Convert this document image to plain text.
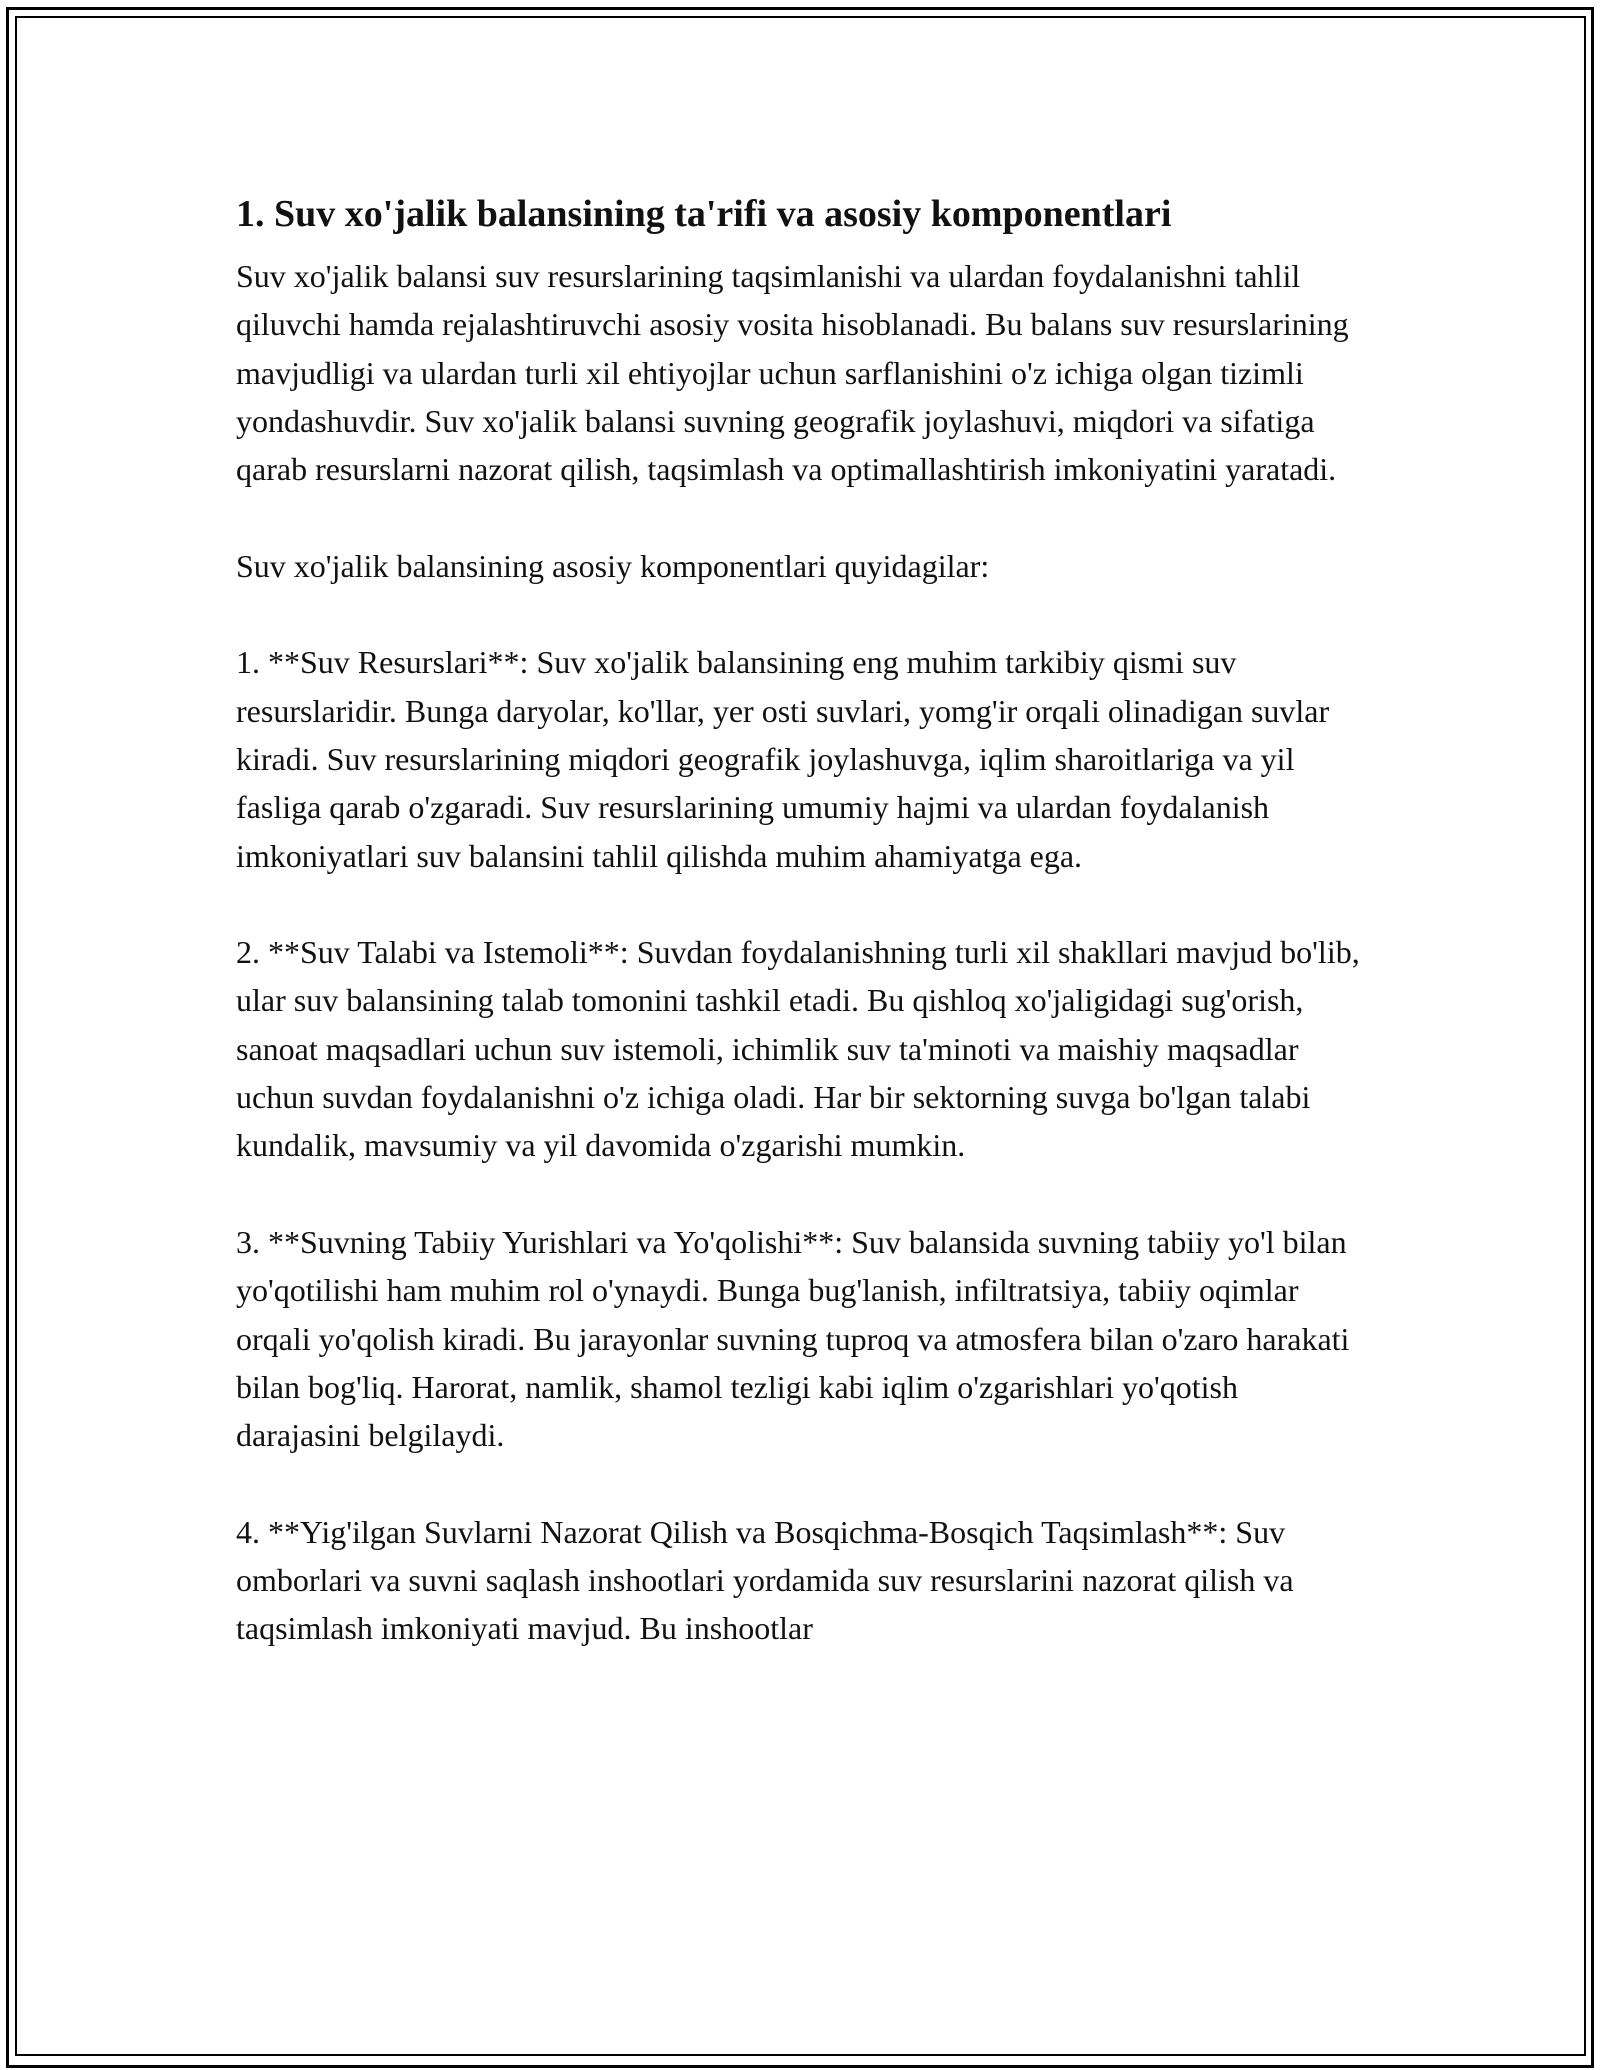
1. Suv xo'jalik balansining ta'rifi va asosiy komponentlari

Suv xo'jalik balansi suv resurslarining taqsimlanishi va ulardan foydalanishni tahlil qiluvchi hamda rejalashtiruvchi asosiy vosita hisoblanadi. Bu balans suv resurslarining mavjudligi va ulardan turli xil ehtiyojlar uchun sarflanishini o'z ichiga olgan tizimli yondashuvdir. Suv xo'jalik balansi suvning geografik joylashuvi, miqdori va sifatiga qarab resurslarni nazorat qilish, taqsimlash va optimallashtirish imkoniyatini yaratadi.

Suv xo'jalik balansining asosiy komponentlari quyidagilar:

1. **Suv Resurslari**: Suv xo'jalik balansining eng muhim tarkibiy qismi suv resurslaridir. Bunga daryolar, ko'llar, yer osti suvlari, yomg'ir orqali olinadigan suvlar kiradi. Suv resurslarining miqdori geografik joylashuvga, iqlim sharoitlariga va yil fasliga qarab o'zgaradi. Suv resurslarining umumiy hajmi va ulardan foydalanish imkoniyatlari suv balansini tahlil qilishda muhim ahamiyatga ega.

2. **Suv Talabi va Istemoli**: Suvdan foydalanishning turli xil shakllari mavjud bo'lib, ular suv balansining talab tomonini tashkil etadi. Bu qishloq xo'jaligidagi sug'orish, sanoat maqsadlari uchun suv istemoli, ichimlik suv ta'minoti va maishiy maqsadlar uchun suvdan foydalanishni o'z ichiga oladi. Har bir sektorning suvga bo'lgan talabi kundalik, mavsumiy va yil davomida o'zgarishi mumkin.

3. **Suvning Tabiiy Yurishlari va Yo'qolishi**: Suv balansida suvning tabiiy yo'l bilan yo'qotilishi ham muhim rol o'ynaydi. Bunga bug'lanish, infiltratsiya, tabiiy oqimlar orqali yo'qolish kiradi. Bu jarayonlar suvning tuproq va atmosfera bilan o'zaro harakati bilan bog'liq. Harorat, namlik, shamol tezligi kabi iqlim o'zgarishlari yo'qotish darajasini belgilaydi.

4. **Yig'ilgan Suvlarni Nazorat Qilish va Bosqichma-Bosqich Taqsimlash**: Suv omborlari va suvni saqlash inshootlari yordamida suv resurslarini nazorat qilish va taqsimlash imkoniyati mavjud. Bu inshootlar
